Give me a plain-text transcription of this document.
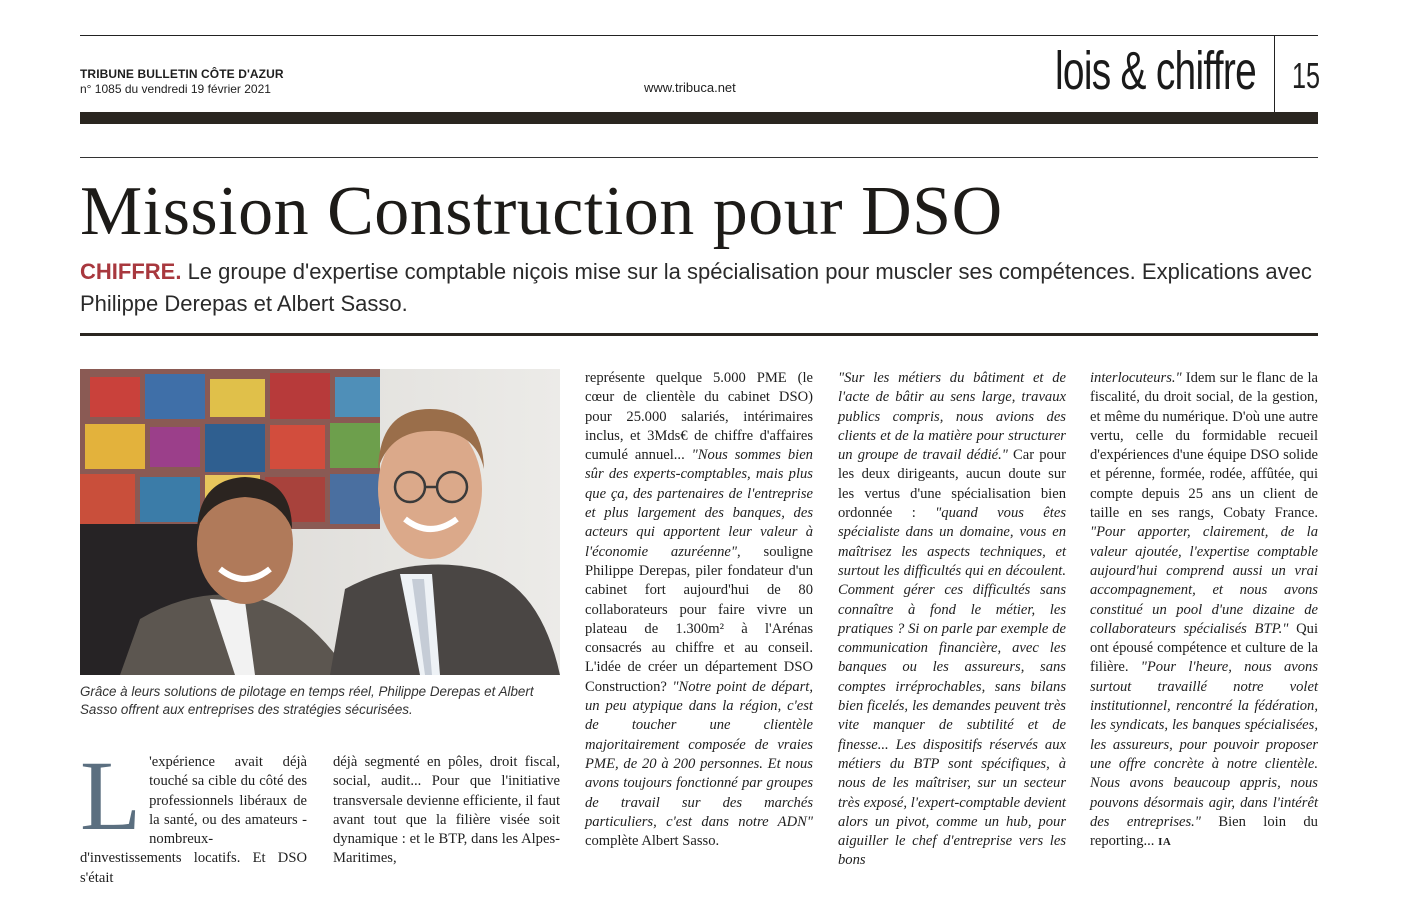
TRIBUNE BULLETIN CÔTE D'AZUR
n° 1085 du vendredi 19 février 2021	www.tribuca.net	lois & chiffre 15
Mission Construction pour DSO
CHIFFRE. Le groupe d'expertise comptable niçois mise sur la spécialisation pour muscler ses compétences. Explications avec Philippe Derepas et Albert Sasso.
Grâce à leurs solutions de pilotage en temps réel, Philippe Derepas et Albert Sasso offrent aux entreprises des stratégies sécurisées.
L 'expérience avait déjà touché sa cible du côté des professionnels libéraux de la santé, ou des amateurs -nombreux- d'investissements locatifs. Et DSO s'était
déjà segmenté en pôles, droit fiscal, social, audit... Pour que l'initiative transversale devienne efficiente, il faut avant tout que la filière visée soit dynamique : et le BTP, dans les Alpes-Maritimes,
représente quelque 5.000 PME (le cœur de clientèle du cabinet DSO) pour 25.000 salariés, intérimaires inclus, et 3Mds€ de chiffre d'affaires cumulé annuel... "Nous sommes bien sûr des experts-comptables, mais plus que ça, des partenaires de l'entreprise et plus largement des banques, des acteurs qui apportent leur valeur à l'économie azuréenne", souligne Philippe Derepas, piler fondateur d'un cabinet fort aujourd'hui de 80 collaborateurs pour faire vivre un plateau de 1.300m² à l'Arénas consacrés au chiffre et au conseil. L'idée de créer un département DSO Construction? "Notre point de départ, un peu atypique dans la région, c'est de toucher une clientèle majoritairement composée de vraies PME, de 20 à 200 personnes. Et nous avons toujours fonctionné par groupes de travail sur des marchés particuliers, c'est dans notre ADN" complète Albert Sasso.
"Sur les métiers du bâtiment et de l'acte de bâtir au sens large, travaux publics compris, nous avions des clients et de la matière pour structurer un groupe de travail dédié." Car pour les deux dirigeants, aucun doute sur les vertus d'une spécialisation bien ordonnée : "quand vous êtes spécialiste dans un domaine, vous en maîtrisez les aspects techniques, et surtout les difficultés qui en découlent. Comment gérer ces difficultés sans connaître à fond le métier, les pratiques ? Si on parle par exemple de communication financière, avec les banques ou les assureurs, sans comptes irréprochables, sans bilans bien ficelés, les demandes peuvent très vite manquer de subtilité et de finesse... Les dispositifs réservés aux métiers du BTP sont spécifiques, à nous de les maîtriser, sur un secteur très exposé, l'expert-comptable devient alors un pivot, comme un hub, pour aiguiller le chef d'entreprise vers les bons
interlocuteurs." Idem sur le flanc de la fiscalité, du droit social, de la gestion, et même du numérique. D'où une autre vertu, celle du formidable recueil d'expériences d'une équipe DSO solide et pérenne, formée, rodée, affûtée, qui compte depuis 25 ans un client de taille en ses rangs, Cobaty France. "Pour apporter, clairement, de la valeur ajoutée, l'expertise comptable aujourd'hui comprend aussi un vrai accompagnement, et nous avons constitué un pool d'une dizaine de collaborateurs spécialisés BTP." Qui ont épousé compétence et culture de la filière. "Pour l'heure, nous avons surtout travaillé notre volet institutionnel, rencontré la fédération, les syndicats, les banques spécialisées, les assureurs, pour pouvoir proposer une offre concrète à notre clientèle. Nous avons beaucoup appris, nous pouvons désormais agir, dans l'intérêt des entreprises." Bien loin du reporting... IA
